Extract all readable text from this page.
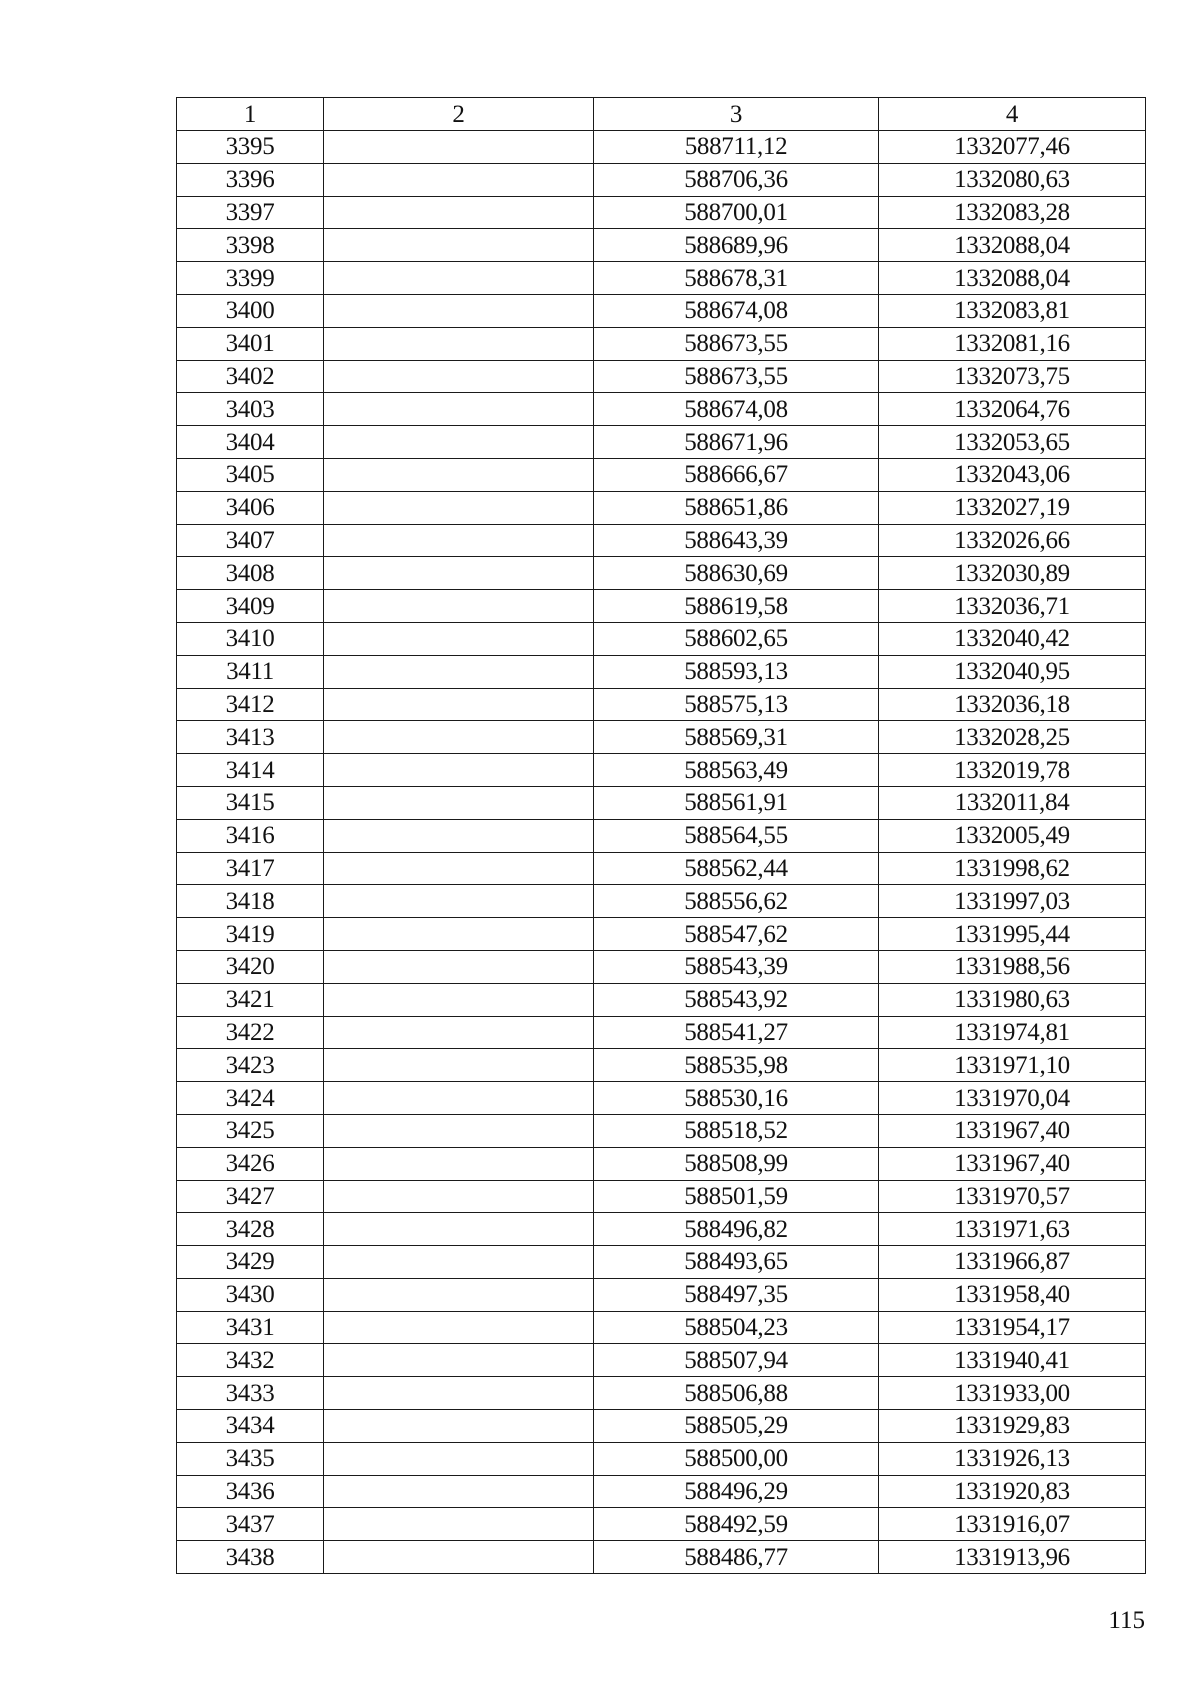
1	2	3	4
3395		588711,12	1332077,46
3396		588706,36	1332080,63
3397		588700,01	1332083,28
3398		588689,96	1332088,04
3399		588678,31	1332088,04
3400		588674,08	1332083,81
3401		588673,55	1332081,16
3402		588673,55	1332073,75
3403		588674,08	1332064,76
3404		588671,96	1332053,65
3405		588666,67	1332043,06
3406		588651,86	1332027,19
3407		588643,39	1332026,66
3408		588630,69	1332030,89
3409		588619,58	1332036,71
3410		588602,65	1332040,42
3411		588593,13	1332040,95
3412		588575,13	1332036,18
3413		588569,31	1332028,25
3414		588563,49	1332019,78
3415		588561,91	1332011,84
3416		588564,55	1332005,49
3417		588562,44	1331998,62
3418		588556,62	1331997,03
3419		588547,62	1331995,44
3420		588543,39	1331988,56
3421		588543,92	1331980,63
3422		588541,27	1331974,81
3423		588535,98	1331971,10
3424		588530,16	1331970,04
3425		588518,52	1331967,40
3426		588508,99	1331967,40
3427		588501,59	1331970,57
3428		588496,82	1331971,63
3429		588493,65	1331966,87
3430		588497,35	1331958,40
3431		588504,23	1331954,17
3432		588507,94	1331940,41
3433		588506,88	1331933,00
3434		588505,29	1331929,83
3435		588500,00	1331926,13
3436		588496,29	1331920,83
3437		588492,59	1331916,07
3438		588486,77	1331913,96
115
